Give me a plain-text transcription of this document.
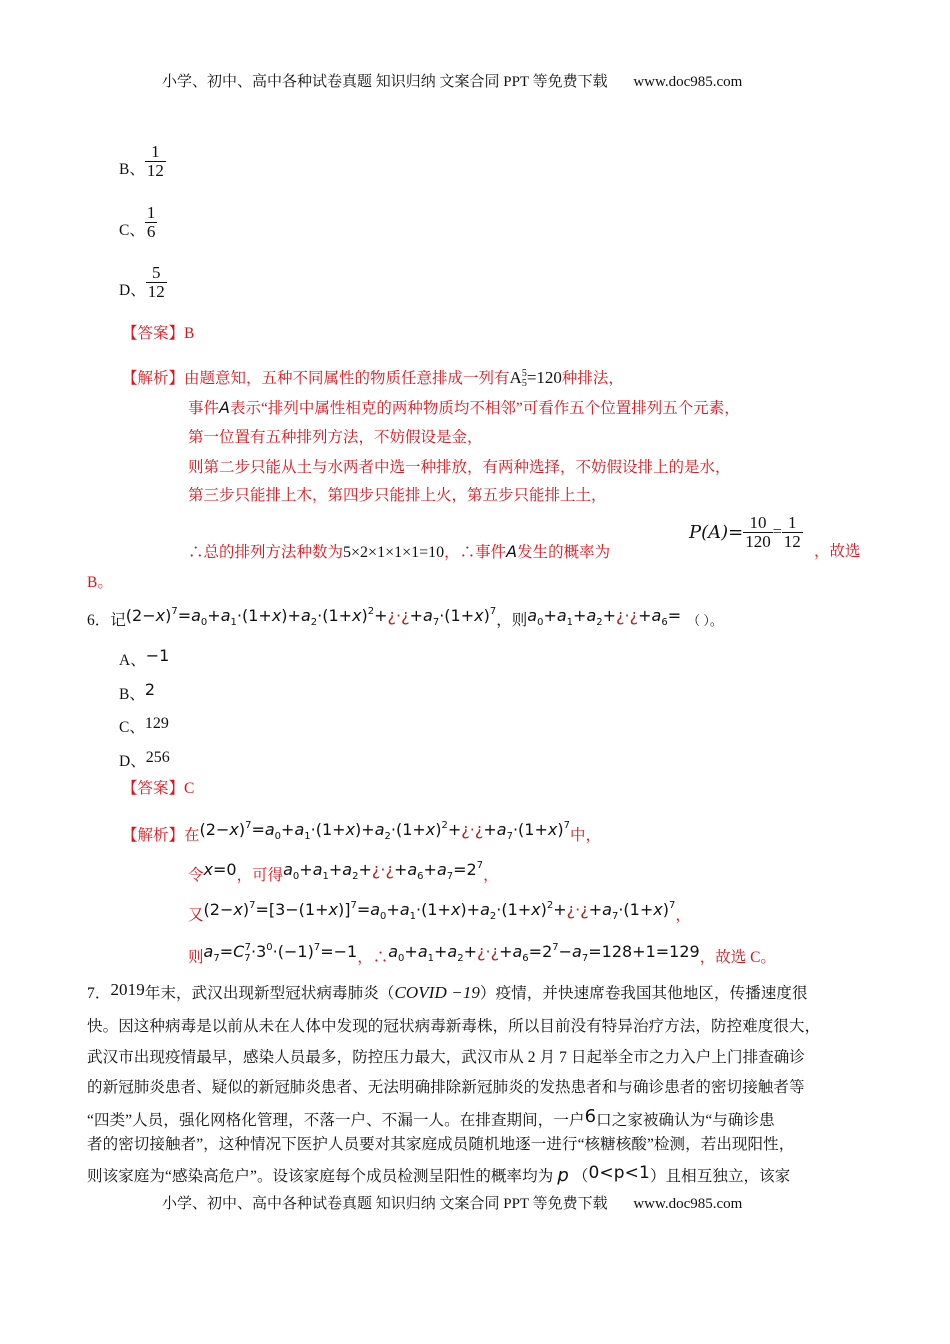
小学、初中、高中各种试卷真题 知识归纳 文案合同 PPT 等免费下载 www.doc985.com
B、 $\frac{1}{12}$
C、 $\frac{1}{6}$
D、 $\frac{5}{12}$
【答案】B
【解析】由题意知，五种不同属性的物质任意排成一列有A 5
5 =120种排法，
事件A表示“排列中属性相克的两种物质均不相邻”可看作五个位置排列五个元素，
第一位置有五种排列方法，不妨假设是金，
则第二步只能从土与水两者中选一种排放，有两种选择，不妨假设排上的是水，
第三步只能排上木，第四步只能排上火，第五步只能排上土，
∴总的排列方法种数为5×2×1×1×1=10，∴事件A发生的概率为
$P(A)= \frac{10}{120} = \frac{1}{12}$
，故选
B。
6．记$(2-x)^7=a_0+a_1\cdot(1+x)+a_2\cdot(1+x)^2+¿\cdot¿+a_7\cdot(1+x)^7$，则$a_0+a_1+a_2+¿\cdot¿+a_6=$ （ ）。
A、−1
B、2
C、129
D、256
【答案】C
【解析】在$(2-x)^7=a_0+a_1\cdot(1+x)+a_2\cdot(1+x)^2+¿\cdot¿+a_7\cdot(1+x)^7$中，
令x=0，可得$a_0+a_1+a_2+¿\cdot¿+a_6+a_7=2^7$，
又$(2-x)^7=[3-(1+x)]^7=a_0+a_1\cdot(1+x)+a_2\cdot(1+x)^2+¿\cdot¿+a_7\cdot(1+x)^7$，
则$a_7=C_7^7\cdot 3^0\cdot(-1)^7=-1$，$\therefore a_0+a_1+a_2+¿\cdot¿+a_6=2^7-a_7=128+1=129$，故选 C。
7．2019年末，武汉出现新型冠状病毒肺炎（COVID −19）疫情，并快速席卷我国其他地区，传播速度很
快。因这种病毒是以前从未在人体中发现的冠状病毒新毒株，所以目前没有特异治疗方法，防控难度很大，
武汉市出现疫情最早，感染人员最多，防控压力最大，武汉市从 2 月 7 日起举全市之力入户上门排查确诊
的新冠肺炎患者、疑似的新冠肺炎患者、无法明确排除新冠肺炎的发热患者和与确诊患者的密切接触者等
“四类”人员，强化网格化管理，不落一户、不漏一人。在排查期间，一户6口之家被确认为“与确诊患
者的密切接触者”，这种情况下医护人员要对其家庭成员随机地逐一进行“核糖核酸”检测，若出现阳性，
则该家庭为“感染高危户”。设该家庭每个成员检测呈阳性的概率均为 p （0<p<1）且相互独立，该家
小学、初中、高中各种试卷真题 知识归纳 文案合同 PPT 等免费下载 www.doc985.com
